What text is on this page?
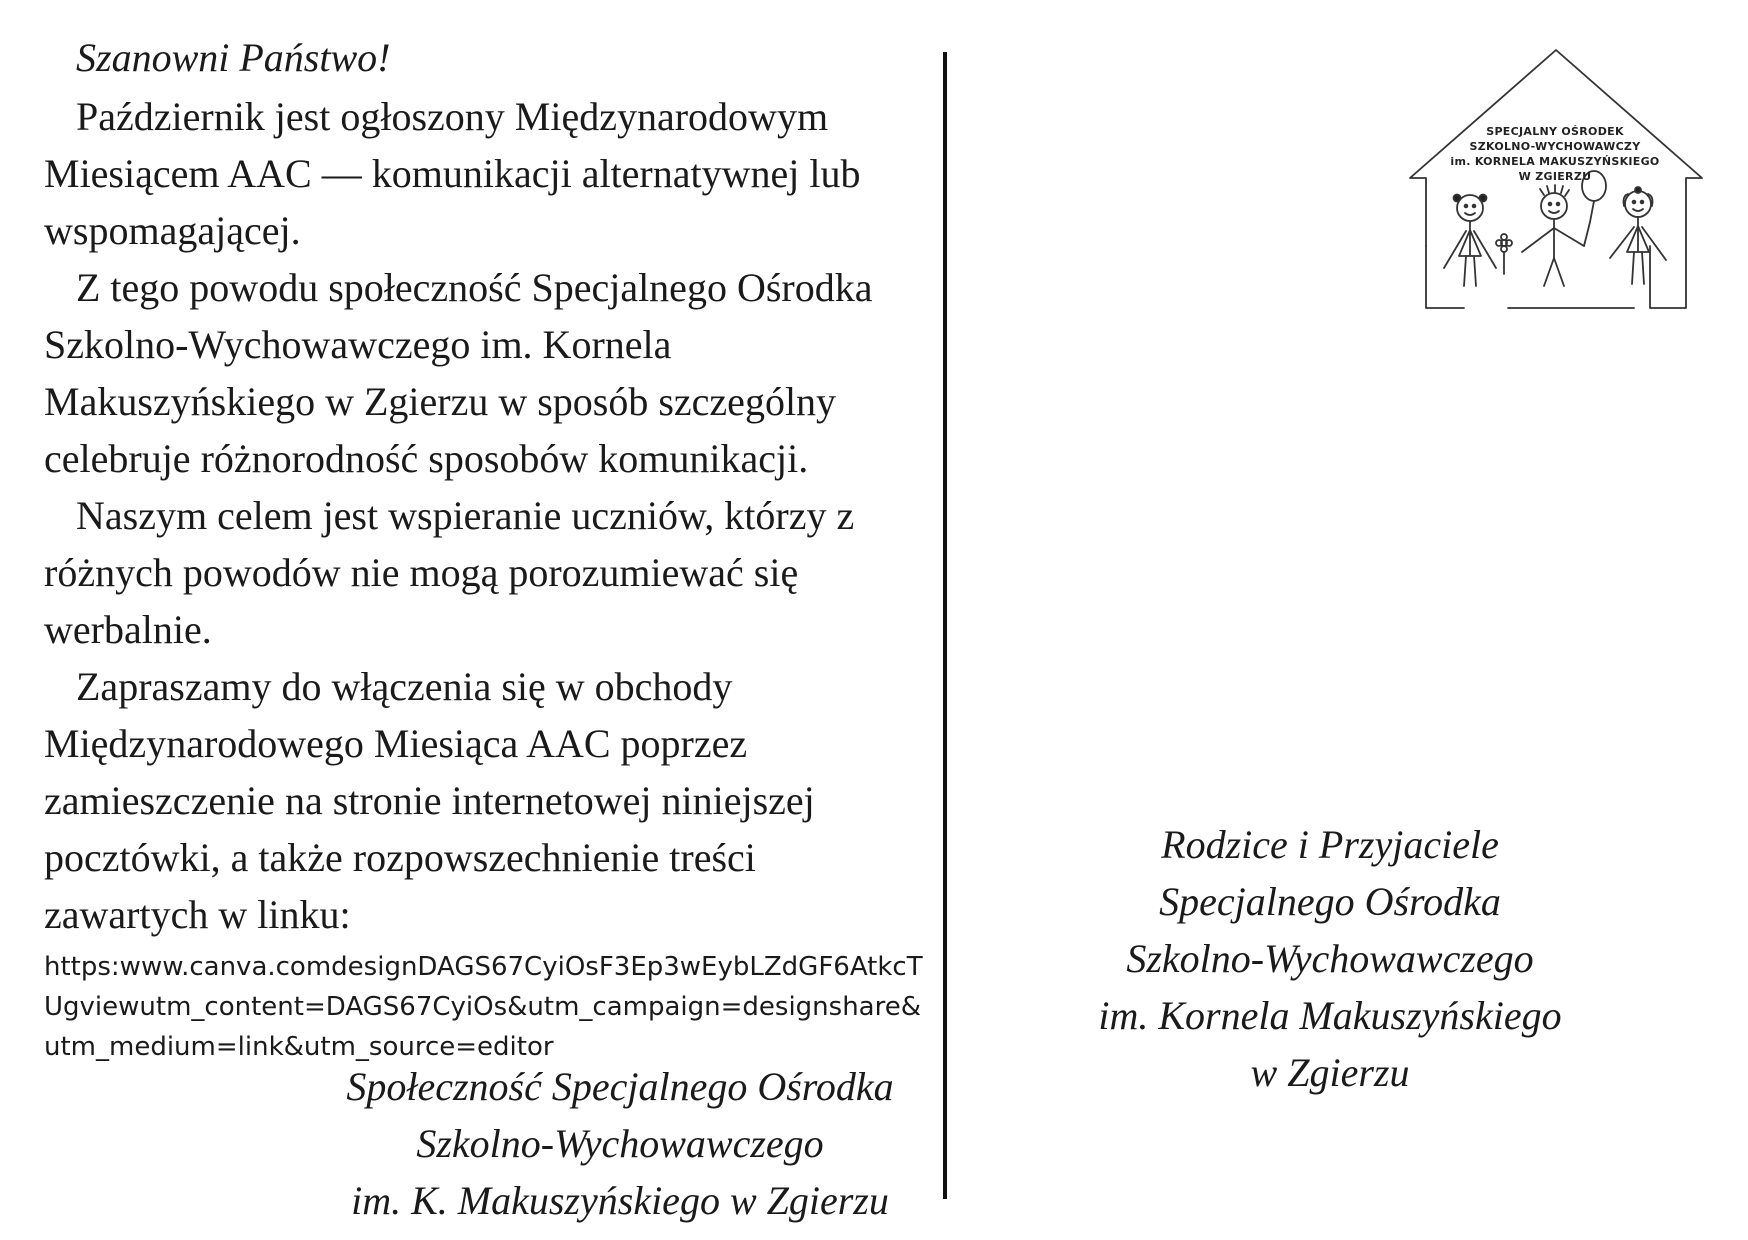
Szanowni Państwo!

Październik jest ogłoszony Międzynarodowym Miesiącem AAC — komunikacji alternatywnej lub wspomagającej.

Z tego powodu społeczność Specjalnego Ośrodka Szkolno-Wychowawczego im. Kornela Makuszyńskiego w Zgierzu w sposób szczególny celebruje różnorodność sposobów komunikacji.

Naszym celem jest wspieranie uczniów, którzy z różnych powodów nie mogą porozumiewać się werbalnie.

Zapraszamy do włączenia się w obchody Międzynarodowego Miesiąca AAC poprzez zamieszczenie na stronie internetowej niniejszej pocztówki, a także rozpowszechnienie treści zawartych w linku:

https:www.canva.comdesignDAGS67CyiOsF3Ep3wEybLZdGF6AtkcTUgviewutm_content=DAGS67CyiOs&utm_campaign=designshare&utm_medium=link&utm_source=editor

Społeczność Specjalnego Ośrodka
Szkolno-Wychowawczego
im. K. Makuszyńskiego w Zgierzu
SPECJALNY OŚRODEK
SZKOLNO-WYCHOWAWCZY
im. KORNELA MAKUSZYŃSKIEGO
W ZGIERZU
Rodzice i Przyjaciele
Specjalnego Ośrodka
Szkolno-Wychowawczego
im. Kornela Makuszyńskiego
w Zgierzu
